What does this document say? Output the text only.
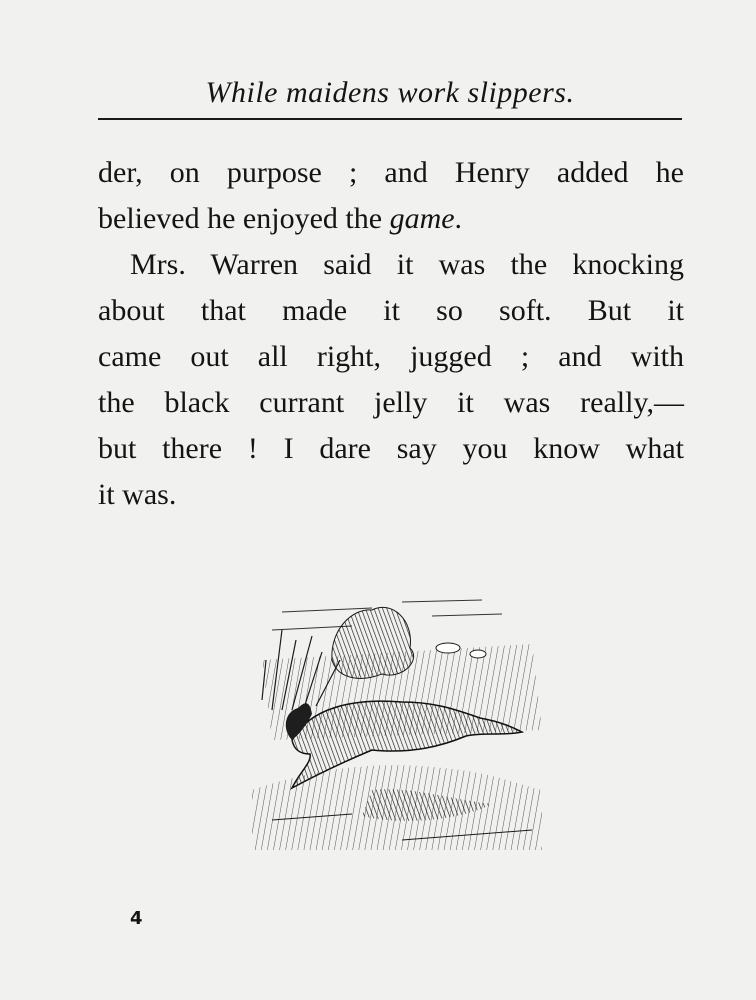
While maidens work slippers.
der, on purpose ; and Henry added he
believed he enjoyed the game.
Mrs. Warren said it was the knocking
about that made it so soft. But it
came out all right, jugged ; and with
the black currant jelly it was really,—
but there ! I dare say you know what
it was.
4
